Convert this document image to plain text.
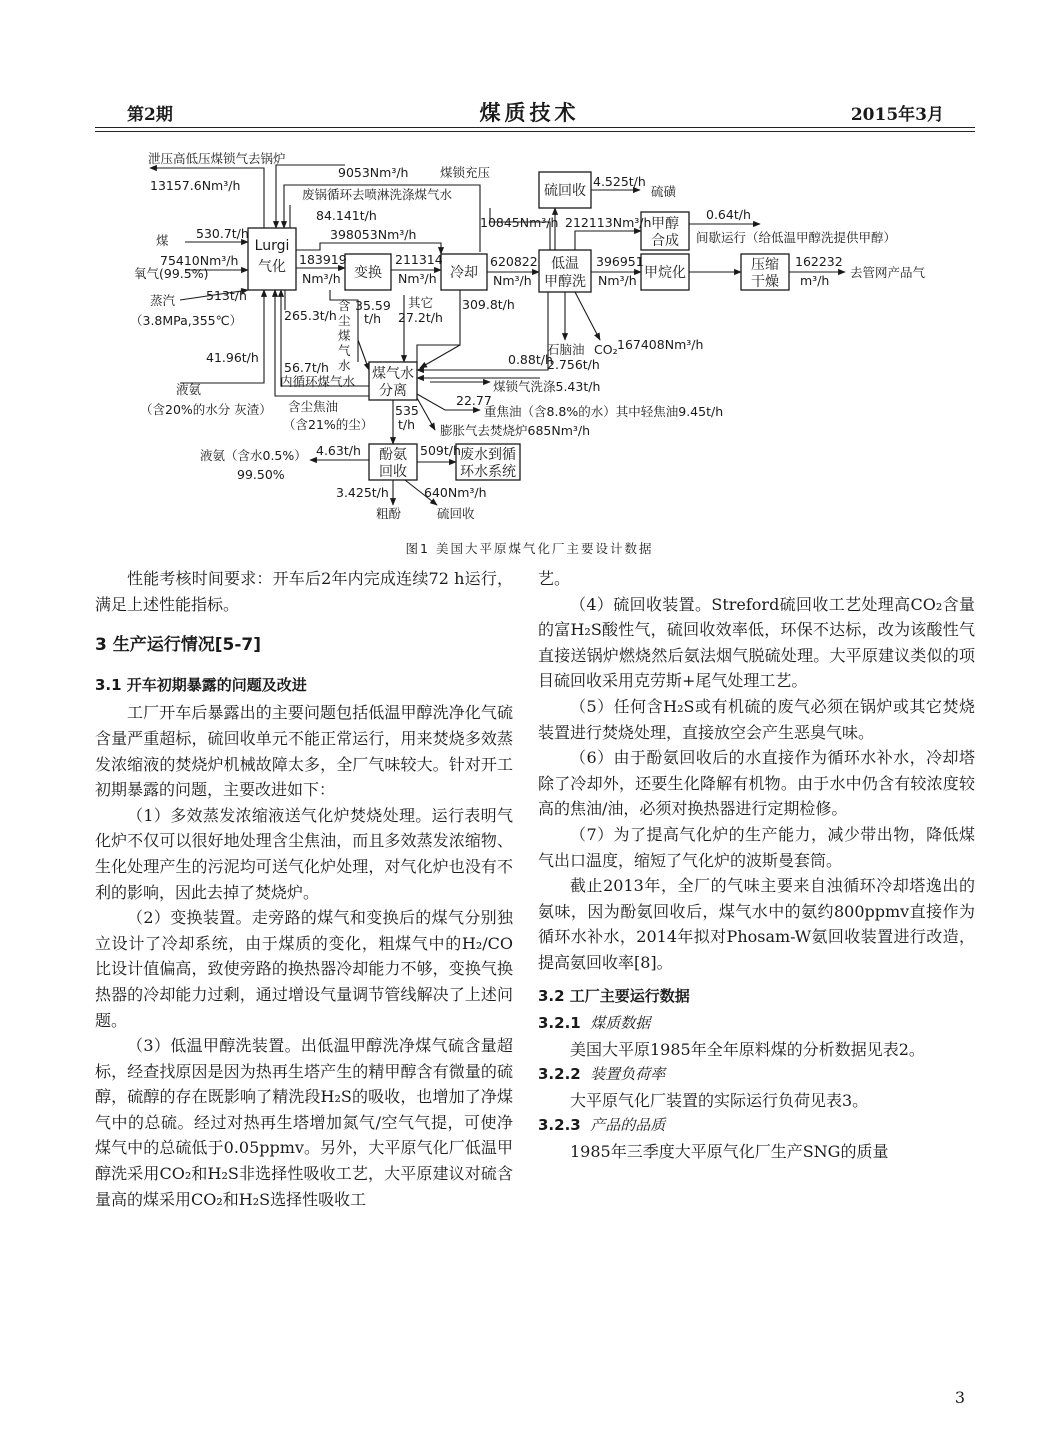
第2期	煤质技术	2015年3月
Lurgi
气化	变换	冷却
低温
甲醇洗
硫回收
甲醇
合成
甲烷化	压缩
干燥
煤气水
分离
酚氨
回收
废水到循
环水系统
泄压高低压煤锁气去锅炉
13157.6Nm³/h
9053Nm³/h	煤锁充压
废锅循环去喷淋洗涤煤气水
84.141t/h
煤 530.7t/h
75410Nm³/h
氧气(99.5%)
513t/h
蒸汽
（3.8MPa,355℃）
41.96t/h
液氨
（含20%的水分 灰渣）
183919
Nm³/h
398053Nm³/h
211314
Nm³/h
620822
Nm³/h
10845Nm³/h 212113Nm³/h
4.525t/h
硫磺
0.64t/h
间歇运行（给低温甲醇洗提供甲醇）
396951
Nm³/h
162232
m³/h
去管网产品气
265.3t/h
35.59
t/h
含
尘
煤
气
水
其它
27.2t/h
309.8t/h
0.88t/h
石脑油
2.756t/h
CO₂ 167408Nm³/h
56.7t/h
内循环煤气水	煤锁气洗涤5.43t/h
含尘焦油
（含21%的尘）
535
t/h
22.77
重焦油（含8.8%的水）其中轻焦油9.45t/h
膨胀气去焚烧炉685Nm³/h
4.63t/h
液氨（含水0.5%）
99.50%
509t/h
3.425t/h
粗酚
640Nm³/h
硫回收
图1 美国大平原煤气化厂主要设计数据

性能考核时间要求：开车后2年内完成连续72 h运行，满足上述性能指标。

3 生产运行情况[5-7]
3.1 开车初期暴露的问题及改进

工厂开车后暴露出的主要问题包括低温甲醇洗净化气硫含量严重超标，硫回收单元不能正常运行，用来焚烧多效蒸发浓缩液的焚烧炉机械故障太多，全厂气味较大。针对开工初期暴露的问题，主要改进如下：

（1）多效蒸发浓缩液送气化炉焚烧处理。运行表明气化炉不仅可以很好地处理含尘焦油，而且多效蒸发浓缩物、生化处理产生的污泥均可送气化炉处理，对气化炉也没有不利的影响，因此去掉了焚烧炉。

（2）变换装置。走旁路的煤气和变换后的煤气分别独立设计了冷却系统，由于煤质的变化，粗煤气中的H₂/CO比设计值偏高，致使旁路的换热器冷却能力不够，变换气换热器的冷却能力过剩，通过增设气量调节管线解决了上述问题。

（3）低温甲醇洗装置。出低温甲醇洗净煤气硫含量超标，经查找原因是因为热再生塔产生的精甲醇含有微量的硫醇，硫醇的存在既影响了精洗段H₂S的吸收，也增加了净煤气中的总硫。经过对热再生塔增加氮气/空气气提，可使净煤气中的总硫低于0.05ppmv。另外，大平原气化厂低温甲醇洗采用CO₂和H₂S非选择性吸收工艺，大平原建议对硫含量高的煤采用CO₂和H₂S选择性吸收工

艺。

（4）硫回收装置。Streford硫回收工艺处理高CO₂含量的富H₂S酸性气，硫回收效率低，环保不达标，改为该酸性气直接送锅炉燃烧然后氨法烟气脱硫处理。大平原建议类似的项目硫回收采用克劳斯+尾气处理工艺。

（5）任何含H₂S或有机硫的废气必须在锅炉或其它焚烧装置进行焚烧处理，直接放空会产生恶臭气味。

（6）由于酚氨回收后的水直接作为循环水补水，冷却塔除了冷却外，还要生化降解有机物。由于水中仍含有较浓度较高的焦油/油，必须对换热器进行定期检修。

（7）为了提高气化炉的生产能力，减少带出物，降低煤气出口温度，缩短了气化炉的波斯曼套筒。

截止2013年，全厂的气味主要来自浊循环冷却塔逸出的氨味，因为酚氨回收后，煤气水中的氨约800ppmv直接作为循环水补水，2014年拟对Phosam-W氨回收装置进行改造，提高氨回收率[8]。

3.2 工厂主要运行数据
3.2.1 煤质数据

美国大平原1985年全年原料煤的分析数据见表2。

3.2.2 装置负荷率

大平原气化厂装置的实际运行负荷见表3。

3.2.3 产品的品质

1985年三季度大平原气化厂生产SNG的质量

3
